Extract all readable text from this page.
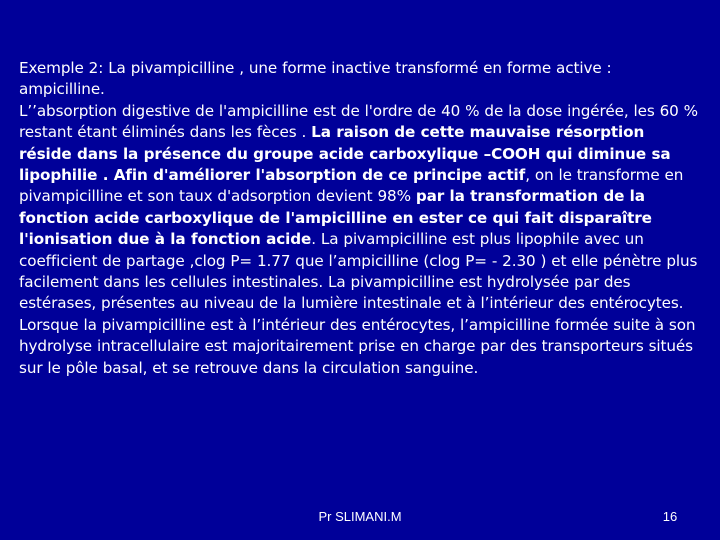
Exemple 2: La pivampicilline , une forme inactive transformé en forme active :

ampicilline.

L’’absorption digestive de l'ampicilline est de l'ordre de 40 % de la dose ingérée, les 60 % restant étant éliminés dans les fèces . La raison de cette mauvaise résorption réside dans la présence du groupe acide carboxylique –COOH qui diminue sa lipophilie . Afin d'améliorer l'absorption de ce principe actif, on le transforme en pivampicilline et son taux d'adsorption devient 98% par la transformation de la fonction acide carboxylique de l'ampicilline en ester ce qui fait disparaître l'ionisation due à la fonction acide. La pivampicilline est plus lipophile avec un coefficient de partage ,clog P= 1.77 que l’ampicilline (clog P= - 2.30 ) et elle pénètre plus facilement dans les cellules intestinales. La pivampicilline est hydrolysée par des estérases, présentes au niveau de la lumière intestinale et à l’intérieur des entérocytes. Lorsque la pivampicilline est à l’intérieur des entérocytes, l’ampicilline formée suite à son hydrolyse intracellulaire est majoritairement prise en charge par des transporteurs situés sur le pôle basal, et se retrouve dans la circulation sanguine.

Pr SLIMANI.M	16
